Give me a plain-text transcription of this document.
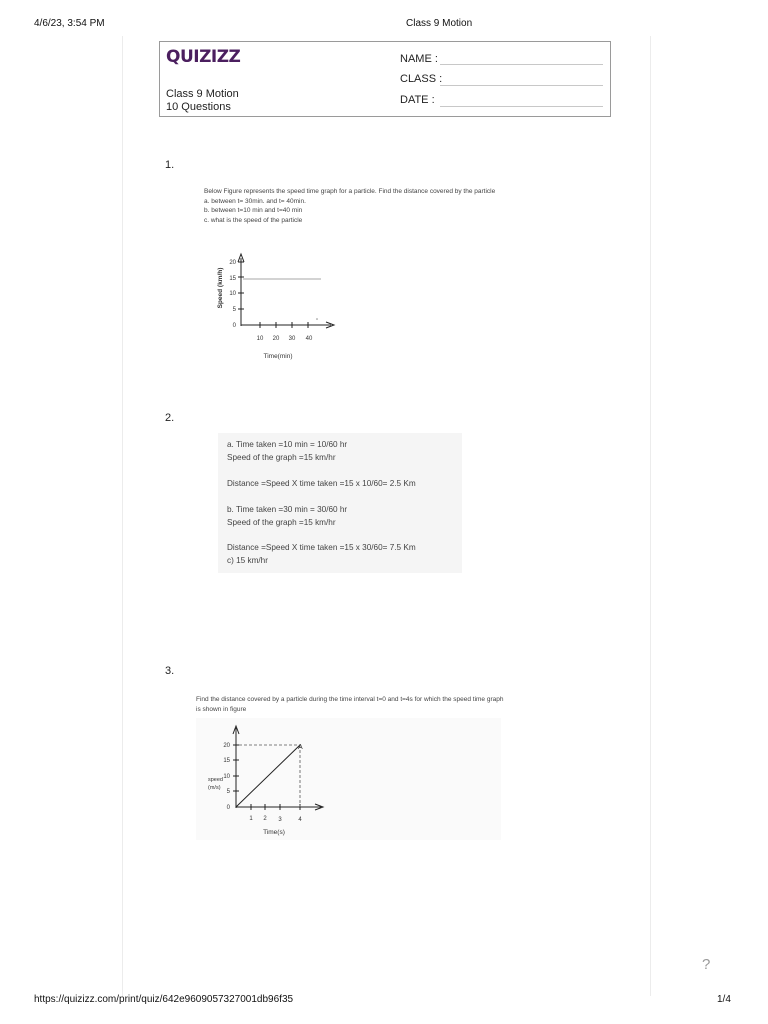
4/6/23, 3:54 PM	Class 9 Motion
QUIZIZZ
Class 9 Motion
10 Questions
NAME :
CLASS :
DATE :
1.
Below Figure represents the speed time graph for a particle. Find the distance covered by the particle
a. between t= 30min. and t= 40min.
b. between t=10 min and t=40 min
c. what is the speed of the particle
20
15
10
5
0
10 20 30 40
Time(min)
Speed (km/h)
2.
a. Time taken =10 min = 10/60 hr
Speed of the graph =15 km/hr
Distance =Speed X time taken =15 x 10/60= 2.5 Km
b. Time taken =30 min = 30/60 hr
Speed of the graph =15 km/hr
Distance =Speed X time taken =15 x 30/60= 7.5 Km
c) 15 km/hr
3.
Find the distance covered by a particle during the time interval t=0 and t=4s for which the speed time graph
is shown in figure
A
20
15
10
5
0
speed
(m/s)
1 2 3	4
Time(s)
?
https://quizizz.com/print/quiz/642e9609057327001db96f35	1/4
